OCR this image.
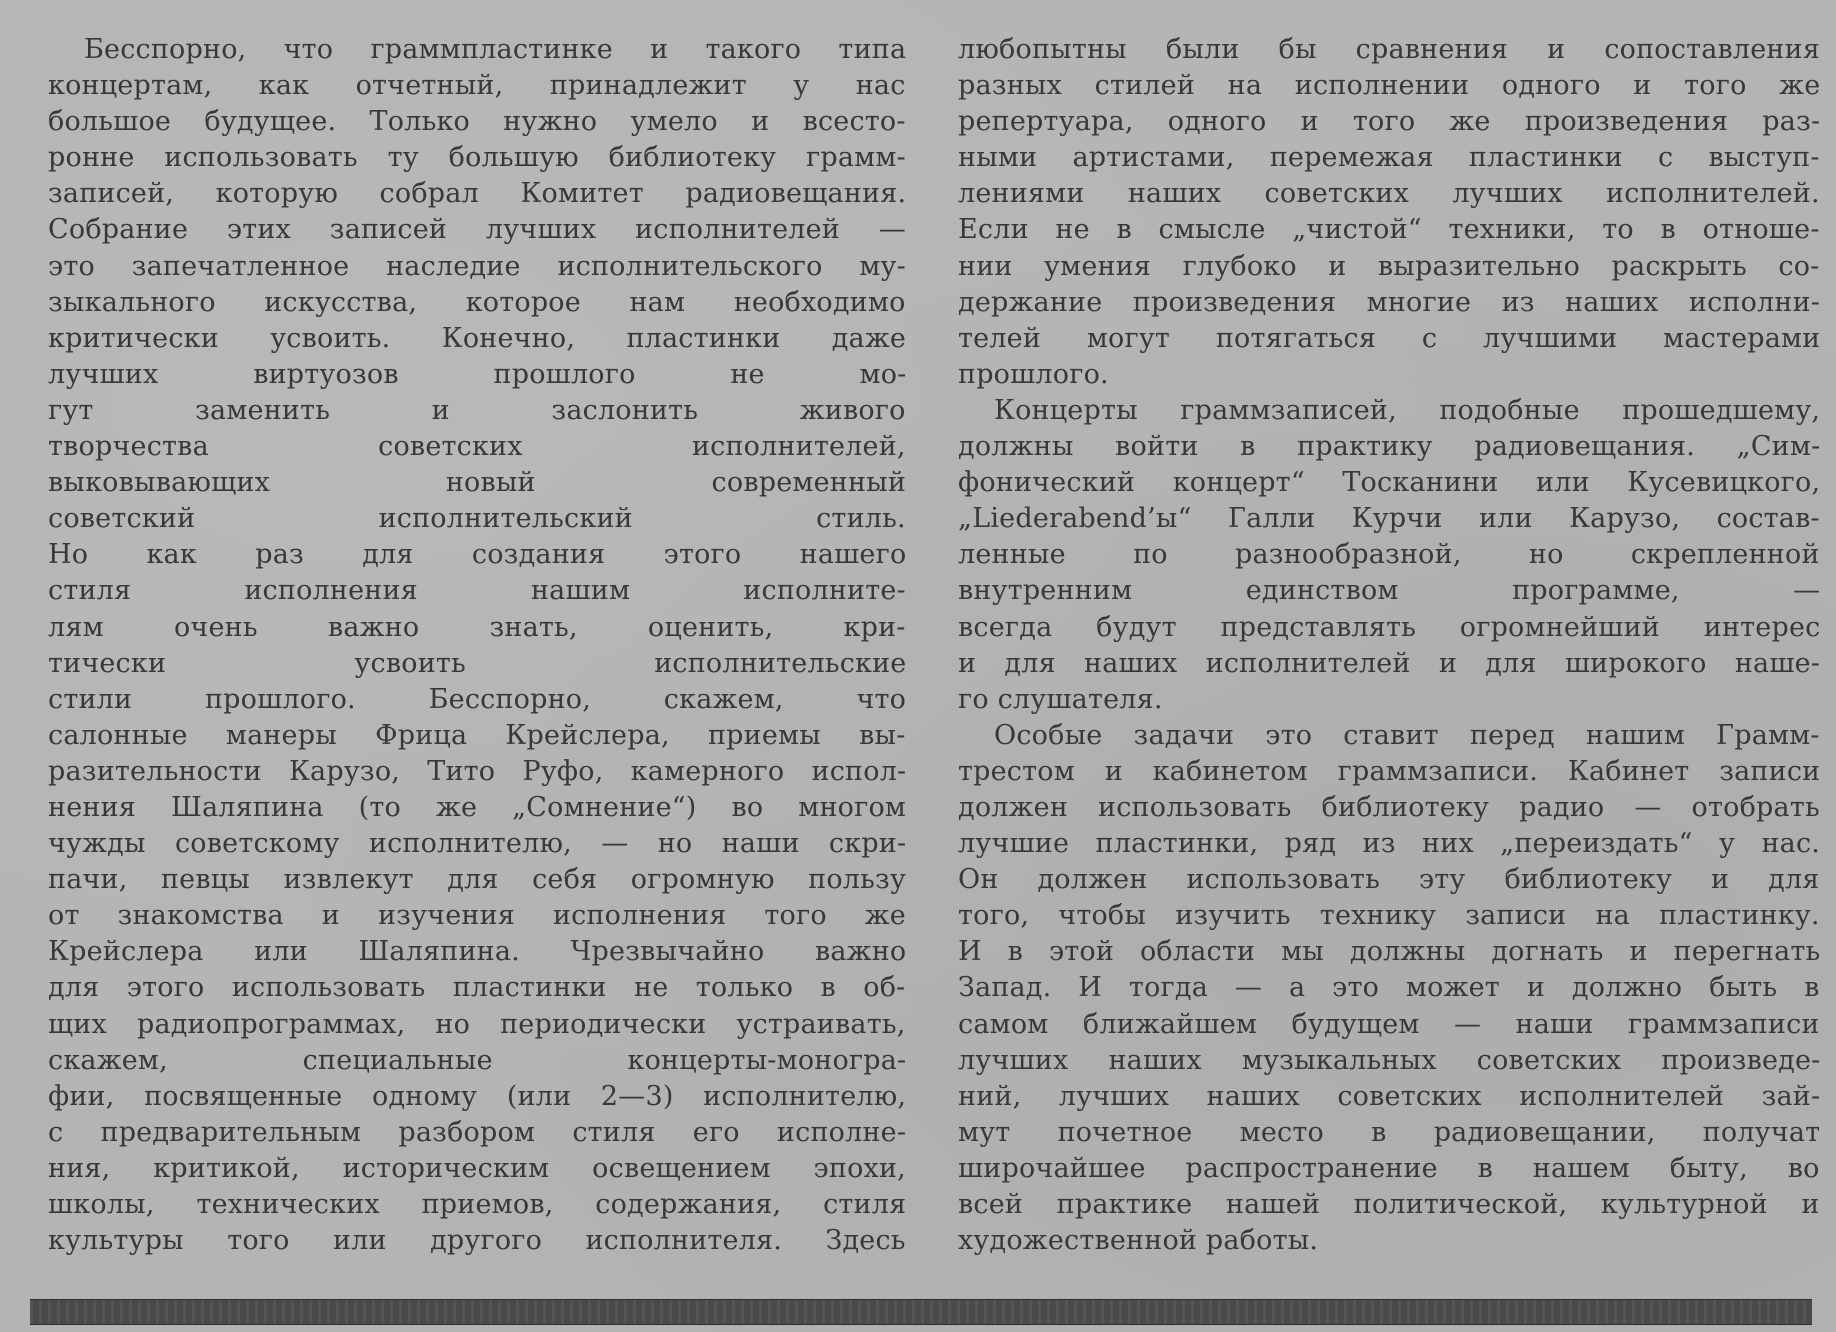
Бесспорно, что граммпластинке и такого типа
концертам, как отчетный, принадлежит у нас
большое будущее. Только нужно умело и всесто-
ронне использовать ту большую библиотеку грамм-
записей, которую собрал Комитет радиовещания.
Собрание этих записей лучших исполнителей —
это запечатленное наследие исполнительского му-
зыкального искусства, которое нам необходимо
критически усвоить. Конечно, пластинки даже
лучших виртуозов прошлого не мо-
гут заменить и заслонить живого
творчества советских исполнителей,
выковывающих новый современный
советский исполнительский стиль.
Но как раз для создания этого нашего
стиля исполнения нашим исполните-
лям очень важно знать, оценить, кри-
тически усвоить исполнительские
стили прошлого. Бесспорно, скажем, что
салонные манеры Фрица Крейслера, приемы вы-
разительности Карузо, Тито Руфо, камерного испол-
нения Шаляпина (то же „Сомнение“) во многом
чужды советскому исполнителю, — но наши скри-
пачи, певцы извлекут для себя огромную пользу
от знакомства и изучения исполнения того же
Крейслера или Шаляпина. Чрезвычайно важно
для этого использовать пластинки не только в об-
щих радиопрограммах, но периодически устраивать,
скажем, специальные концерты-моногра-
фии, посвященные одному (или 2—3) исполнителю,
с предварительным разбором стиля его исполне-
ния, критикой, историческим освещением эпохи,
школы, технических приемов, содержания, стиля
культуры того или другого исполнителя. Здесь
любопытны были бы сравнения и сопоставления
разных стилей на исполнении одного и того же
репертуара, одного и того же произведения раз-
ными артистами, перемежая пластинки с выступ-
лениями наших советских лучших исполнителей.
Если не в смысле „чистой“ техники, то в отноше-
нии умения глубоко и выразительно раскрыть со-
держание произведения многие из наших исполни-
телей могут потягаться с лучшими мастерами
прошлого.
Концерты граммзаписей, подобные прошедшему,
должны войти в практику радиовещания. „Сим-
фонический концерт“ Тосканини или Кусевицкого,
„Liederabend’ы“ Галли Курчи или Карузо, состав-
ленные по разнообразной, но скрепленной
внутренним единством программе, —
всегда будут представлять огромнейший интерес
и для наших исполнителей и для широкого наше-
го слушателя.
Особые задачи это ставит перед нашим Грамм-
трестом и кабинетом граммзаписи. Кабинет записи
должен использовать библиотеку радио — отобрать
лучшие пластинки, ряд из них „переиздать“ у нас.
Он должен использовать эту библиотеку и для
того, чтобы изучить технику записи на пластинку.
И в этой области мы должны догнать и перегнать
Запад. И тогда — а это может и должно быть в
самом ближайшем будущем — наши граммзаписи
лучших наших музыкальных советских произведе-
ний, лучших наших советских исполнителей зай-
мут почетное место в радиовещании, получат
широчайшее распространение в нашем быту, во
всей практике нашей политической, культурной и
художественной работы.
